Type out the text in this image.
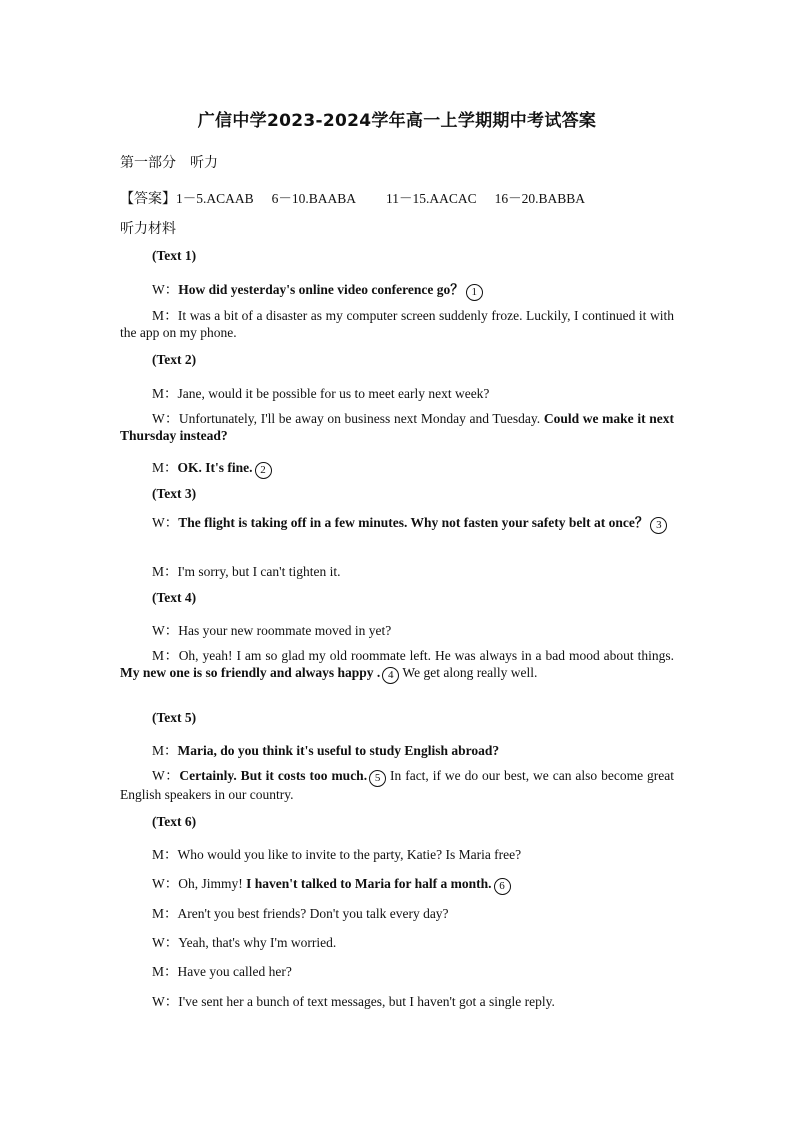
广信中学2023-2024学年高一上学期期中考试答案
第一部分　听力
【答案】1－5.ACAAB 6－10.BAABA 11－15.AACAC 16－20.BABBA
听力材料
(Text 1)
W：How did yesterday's online video conference go？ 1
M：It was a bit of a disaster as my computer screen suddenly froze. Luckily, I continued it with the app on my phone.
(Text 2)
M：Jane, would it be possible for us to meet early next week?
W：Unfortunately, I'll be away on business next Monday and Tuesday. Could we make it next Thursday instead?
M：OK. It's fine. 2
(Text 3)
W：The flight is taking off in a few minutes. Why not fasten your safety belt at once？ 3
M：I'm sorry, but I can't tighten it.
(Text 4)
W：Has your new roommate moved in yet?
M：Oh, yeah! I am so glad my old roommate left. He was always in a bad mood about things. My new one is so friendly and always happy . 4 We get along really well.
(Text 5)
M：Maria, do you think it's useful to study English abroad?
W：Certainly. But it costs too much. 5 In fact, if we do our best, we can also become great English speakers in our country.
(Text 6)
M：Who would you like to invite to the party, Katie? Is Maria free?
W：Oh, Jimmy! I haven't talked to Maria for half a month. 6
M：Aren't you best friends? Don't you talk every day?
W：Yeah, that's why I'm worried.
M：Have you called her?
W：I've sent her a bunch of text messages, but I haven't got a single reply.
